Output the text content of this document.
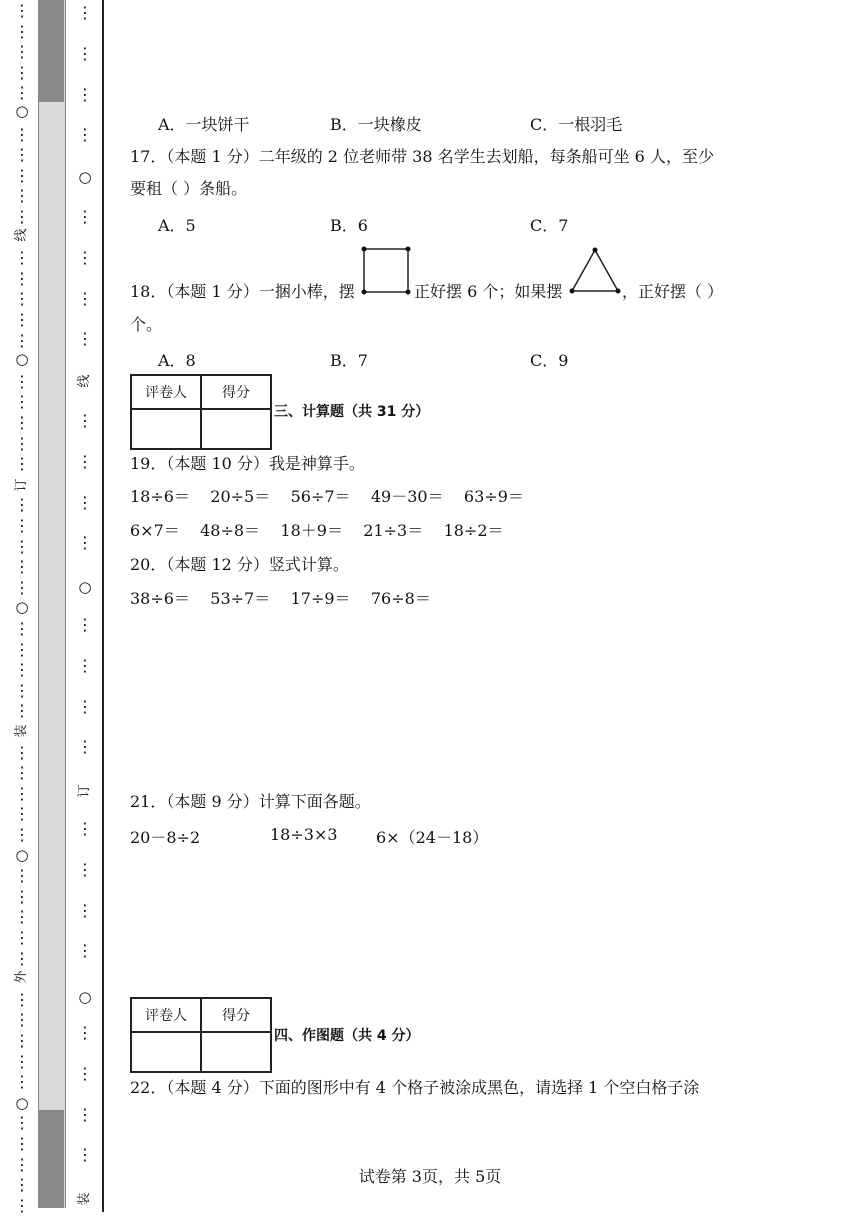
⋮
⋮
⋮
⋮
⋮
⋮
⋮
⋮
⋮
⋮
⋮
⋮
⋮
⋮
⋮
⋮
⋮
⋮
⋮
⋮
⋮
⋮
⋮
⋮
⋮
⋮
⋮
⋮
⋮
⋮
⋮
⋮
⋮
⋮
⋮
⋮
⋮
⋮
⋮
⋮
⋮
⋮
⋮
⋮
⋮
⋮
⋮
⋮
⋮
⋮
○
线
○
订
○
装
○
外
○
⋮
⋮
⋮
⋮
⋮
⋮
⋮
⋮
⋮
⋮
⋮
⋮
⋮
⋮
⋮
⋮
⋮
⋮
⋮
⋮
⋮
⋮
⋮
⋮
○
线
○
订
○
装
A．一块饼干	B．一块橡皮	C．一根羽毛
17．（本题 1 分）二年级的 2 位老师带 38 名学生去划船，每条船可坐 6 人，至少
要租（ ）条船。
A．5	B．6	C．7
18．（本题 1 分）一捆小棒，摆	正好摆 6 个；如果摆	，正好摆（ ）
个。
A．8	B．7	C．9
评卷人	得分

三、计算题（共 31 分）
19．（本题 10 分）我是神算手。
18÷6＝    20÷5＝    56÷7＝    49－30＝    63÷9＝
6×7＝    48÷8＝    18＋9＝    21÷3＝    18÷2＝
20．（本题 12 分）竖式计算。
38÷6＝    53÷7＝    17÷9＝    76÷8＝
21．（本题 9 分）计算下面各题。
20－8÷2	18÷3×3 6×（24－18）
评卷人	得分

四、作图题（共 4 分）
22．（本题 4 分）下面的图形中有 4 个格子被涂成黑色，请选择 1 个空白格子涂
试卷第 3页，共 5页
